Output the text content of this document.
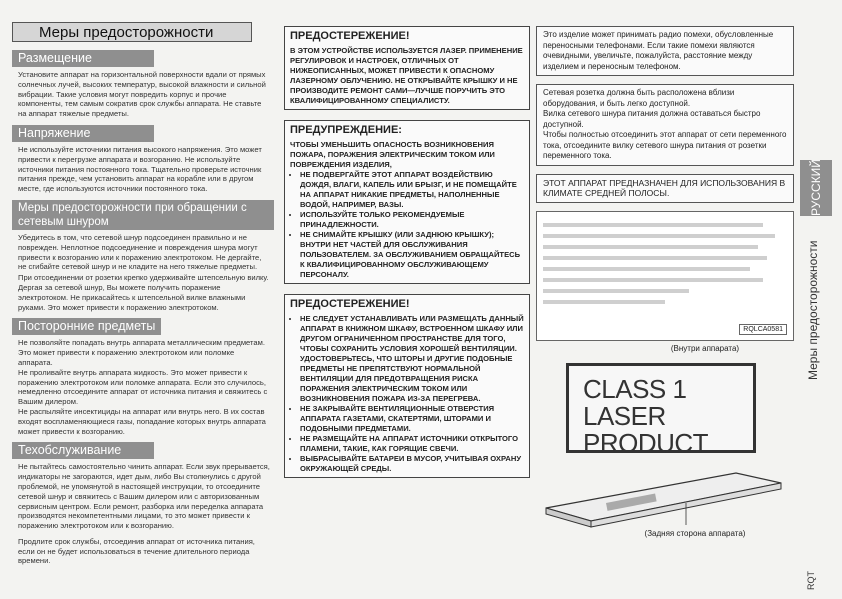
Меры предосторожности
Размещение

Установите аппарат на горизонтальной поверхности вдали от прямых солнечных лучей, высоких температур, высокой влажности и сильной вибрации. Такие условия могут повредить корпус и прочие компоненты, тем самым сократив срок службы аппарата. Не ставьте на аппарат тяжелые предметы.

Напряжение

Не используйте источники питания высокого напряжения. Это может привести к перегрузке аппарата и возгоранию. Не используйте источники питания постоянного тока. Тщательно проверьте источник питания прежде, чем установить аппарат на корабле или в другом месте, где используются источники постоянного тока.

Меры предосторожности при обращении с сетевым шнуром

Убедитесь в том, что сетевой шнур подсоединен правильно и не поврежден. Неплотное подсоединение и повреждения шнура могут привести к возгоранию или к поражению электротоком. Не дергайте, не сгибайте сетевой шнур и не кладите на него тяжелые предметы.

При отсоединении от розетки крепко удерживайте штепсельную вилку. Дергая за сетевой шнур, Вы можете получить поражение электротоком. Не прикасайтесь к штепсельной вилке влажными руками. Это может привести к поражению электротоком.

Посторонние предметы

Не позволяйте попадать внутрь аппарата металлическим предметам. Это может привести к поражению электротоком или поломке аппарата.

Не проливайте внутрь аппарата жидкость. Это может привести к поражению электротоком или поломке аппарата. Если это случилось, немедленно отсоедините аппарат от источника питания и свяжитесь с Вашим дилером.

Не распыляйте инсектициды на аппарат или внутрь него. В их состав входят воспламеняющиеся газы, попадание которых внутрь аппарата может привести к возгоранию.

Техобслуживание

Не пытайтесь самостоятельно чинить аппарат. Если звук прерывается, индикаторы не загораются, идет дым, либо Вы столкнулись с другой проблемой, не упомянутой в настоящей инструкции, то отсоедините сетевой шнур и свяжитесь с Вашим дилером или с авторизованным сервисным центром. Если ремонт, разборка или переделка аппарата производятся некомпетентными лицами, то это может привести к поражению электротоком или к возгоранию.

Продлите срок службы, отсоединив аппарат от источника питания, если он не будет использоваться в течение длительного периода времени.

ПРЕДОСТЕРЕЖЕНИЕ!
В ЭТОМ УСТРОЙСТВЕ ИСПОЛЬЗУЕТСЯ ЛАЗЕР. ПРИМЕНЕНИЕ РЕГУЛИРОВОК И НАСТРОЕК, ОТЛИЧНЫХ ОТ НИЖЕОПИСАННЫХ, МОЖЕТ ПРИВЕСТИ К ОПАСНОМУ ЛАЗЕРНОМУ ОБЛУЧЕНИЮ. НЕ ОТКРЫВАЙТЕ КРЫШКУ И НЕ ПРОИЗВОДИТЕ РЕМОНТ САМИ—ЛУЧШЕ ПОРУЧИТЬ ЭТО КВАЛИФИЦИРОВАННОМУ СПЕЦИАЛИСТУ.
ПРЕДУПРЕЖДЕНИЕ:
ЧТОБЫ УМЕНЬШИТЬ ОПАСНОСТЬ ВОЗНИКНОВЕНИЯ ПОЖАРА, ПОРАЖЕНИЯ ЭЛЕКТРИЧЕСКИМ ТОКОМ ИЛИ ПОВРЕЖДЕНИЯ ИЗДЕЛИЯ,
• НЕ ПОДВЕРГАЙТЕ ЭТОТ АППАРАТ ВОЗДЕЙСТВИЮ ДОЖДЯ, ВЛАГИ, КАПЕЛЬ ИЛИ БРЫЗГ, И НЕ ПОМЕЩАЙТЕ НА АППАРАТ НИКАКИЕ ПРЕДМЕТЫ, НАПОЛНЕННЫЕ ВОДОЙ, НАПРИМЕР, ВАЗЫ.
• ИСПОЛЬЗУЙТЕ ТОЛЬКО РЕКОМЕНДУЕМЫЕ ПРИНАДЛЕЖНОСТИ.
• НЕ СНИМАЙТЕ КРЫШКУ (ИЛИ ЗАДНЮЮ КРЫШКУ); ВНУТРИ НЕТ ЧАСТЕЙ ДЛЯ ОБСЛУЖИВАНИЯ ПОЛЬЗОВАТЕЛЕМ. ЗА ОБСЛУЖИВАНИЕМ ОБРАЩАЙТЕСЬ К КВАЛИФИЦИРОВАННОМУ ОБСЛУЖИВАЮЩЕМУ ПЕРСОНАЛУ.
ПРЕДОСТЕРЕЖЕНИЕ!
• НЕ СЛЕДУЕТ УСТАНАВЛИВАТЬ ИЛИ РАЗМЕЩАТЬ ДАННЫЙ АППАРАТ В КНИЖНОМ ШКАФУ, ВСТРОЕННОМ ШКАФУ ИЛИ ДРУГОМ ОГРАНИЧЕННОМ ПРОСТРАНСТВЕ ДЛЯ ТОГО, ЧТОБЫ СОХРАНИТЬ УСЛОВИЯ ХОРОШЕЙ ВЕНТИЛЯЦИИ. УДОСТОВЕРЬТЕСЬ, ЧТО ШТОРЫ И ДРУГИЕ ПОДОБНЫЕ ПРЕДМЕТЫ НЕ ПРЕПЯТСТВУЮТ НОРМАЛЬНОЙ ВЕНТИЛЯЦИИ ДЛЯ ПРЕДОТВРАЩЕНИЯ РИСКА ПОРАЖЕНИЯ ЭЛЕКТРИЧЕСКИМ ТОКОМ ИЛИ ВОЗНИКНОВЕНИЯ ПОЖАРА ИЗ-ЗА ПЕРЕГРЕВА.
• НЕ ЗАКРЫВАЙТЕ ВЕНТИЛЯЦИОННЫЕ ОТВЕРСТИЯ АППАРАТА ГАЗЕТАМИ, СКАТЕРТЯМИ, ШТОРАМИ И ПОДОБНЫМИ ПРЕДМЕТАМИ.
• НЕ РАЗМЕЩАЙТЕ НА АППАРАТ ИСТОЧНИКИ ОТКРЫТОГО ПЛАМЕНИ, ТАКИЕ, КАК ГОРЯЩИЕ СВЕЧИ.
• ВЫБРАСЫВАЙТЕ БАТАРЕИ В МУСОР, УЧИТЫВАЯ ОХРАНУ ОКРУЖАЮЩЕЙ СРЕДЫ.
Это изделие может принимать радио помехи, обусловленные переносными телефонами. Если такие помехи являются очевидными, увеличьте, пожалуйста, расстояние между изделием и переносным телефоном.
Сетевая розетка должна быть расположена вблизи оборудования, и быть легко доступной.
Вилка сетевого шнура питания должна оставаться быстро доступной.
Чтобы полностью отсоединить этот аппарат от сети переменного тока, отсоедините вилку сетевого шнура питания от розетки переменного тока.
ЭТОТ АППАРАТ ПРЕДНАЗНАЧЕН ДЛЯ ИСПОЛЬЗОВАНИЯ В КЛИМАТЕ СРЕДНЕЙ ПОЛОСЫ.
RQLCA0581
(Внутри аппарата)
CLASS 1
LASER PRODUCT
(Задняя сторона аппарата)
РУССКИЙ
Меры предосторожности
RQT
